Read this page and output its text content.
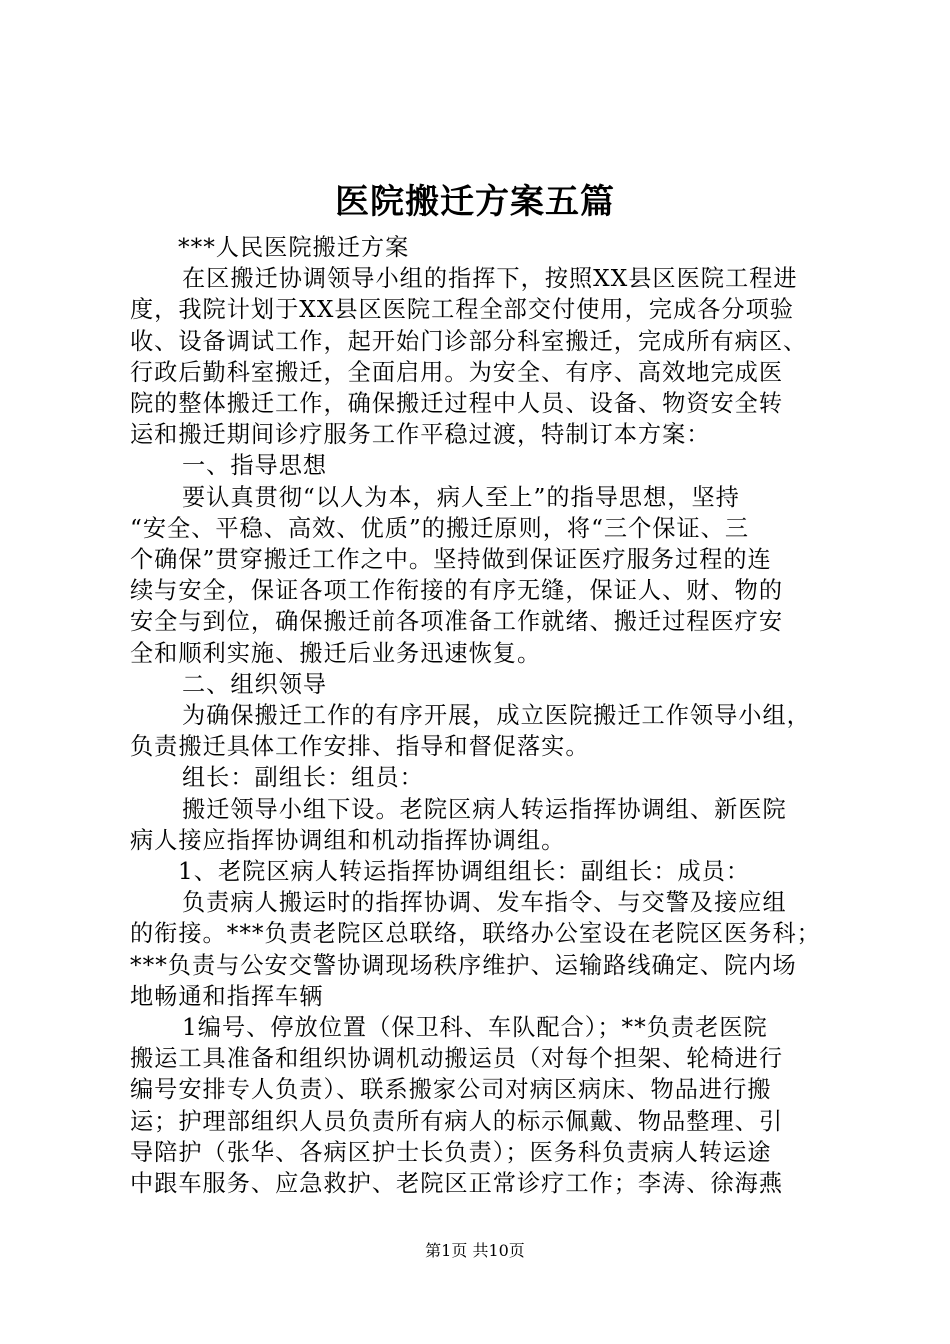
医院搬迁方案五篇
***人民医院搬迁方案
在区搬迁协调领导小组的指挥下，按照XX县区医院工程进
度，我院计划于XX县区医院工程全部交付使用，完成各分项验
收、设备调试工作，起开始门诊部分科室搬迁，完成所有病区、
行政后勤科室搬迁，全面启用。为安全、有序、高效地完成医
院的整体搬迁工作，确保搬迁过程中人员、设备、物资安全转
运和搬迁期间诊疗服务工作平稳过渡，特制订本方案：
一、指导思想
要认真贯彻“以人为本，病人至上”的指导思想，坚持
“安全、平稳、高效、优质”的搬迁原则，将“三个保证、三
个确保”贯穿搬迁工作之中。坚持做到保证医疗服务过程的连
续与安全，保证各项工作衔接的有序无缝，保证人、财、物的
安全与到位，确保搬迁前各项准备工作就绪、搬迁过程医疗安
全和顺利实施、搬迁后业务迅速恢复。
二、组织领导
为确保搬迁工作的有序开展，成立医院搬迁工作领导小组，
负责搬迁具体工作安排、指导和督促落实。
组长：副组长：组员：
搬迁领导小组下设。老院区病人转运指挥协调组、新医院
病人接应指挥协调组和机动指挥协调组。
1、老院区病人转运指挥协调组组长：副组长：成员：
负责病人搬运时的指挥协调、发车指令、与交警及接应组
的衔接。***负责老院区总联络，联络办公室设在老院区医务科；
***负责与公安交警协调现场秩序维护、运输路线确定、院内场
地畅通和指挥车辆
1编号、停放位置（保卫科、车队配合）；**负责老医院
搬运工具准备和组织协调机动搬运员（对每个担架、轮椅进行
编号安排专人负责）、联系搬家公司对病区病床、物品进行搬
运；护理部组织人员负责所有病人的标示佩戴、物品整理、引
导陪护（张华、各病区护士长负责）；医务科负责病人转运途
中跟车服务、应急救护、老院区正常诊疗工作；李涛、徐海燕
第1页 共10页
